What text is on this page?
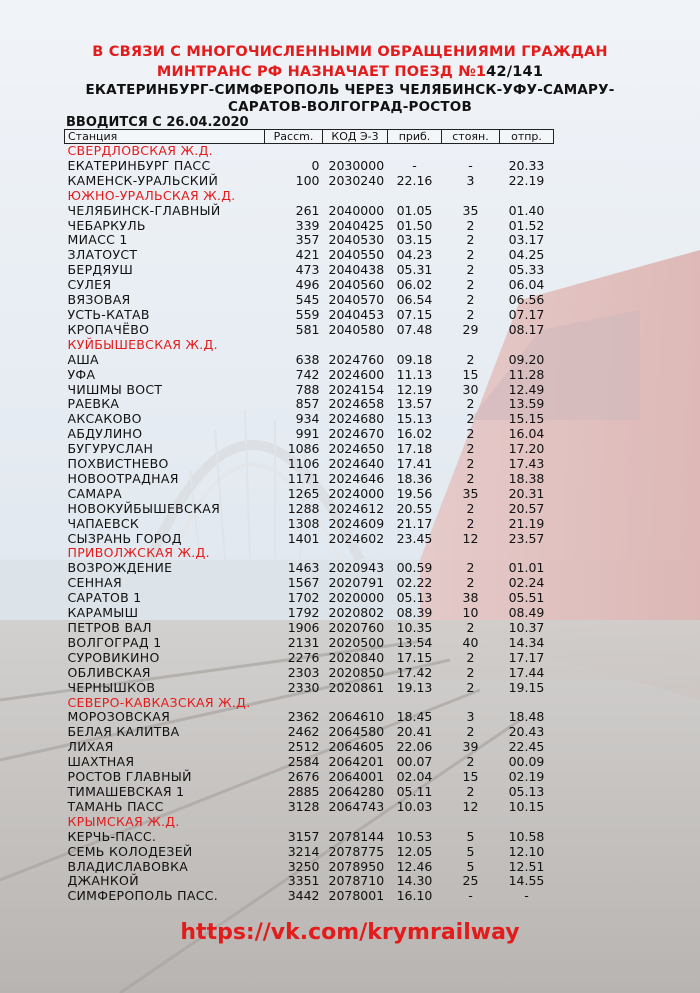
В СВЯЗИ С МНОГОЧИСЛЕННЫМИ ОБРАЩЕНИЯМИ ГРАЖДАН
МИНТРАНС РФ НАЗНАЧАЕТ ПОЕЗД №142/141
ЕКАТЕРИНБУРГ-СИМФЕРОПОЛЬ ЧЕРЕЗ ЧЕЛЯБИНСК-УФУ-САМАРУ-
САРАТОВ-ВОЛГОГРАД-РОСТОВ
ВВОДИТСЯ С 26.04.2020
Станция	Рассm.	КОД Э-3	приб.	стоян.	отпр.
СВЕРДЛОВСКАЯ Ж.Д.					
ЕКАТЕРИНБУРГ ПАСС	0	2030000	-	-	20.33
КАМЕНСК-УРАЛЬСКИЙ	100	2030240	22.16	3	22.19
ЮЖНО-УРАЛЬСКАЯ Ж.Д.					
ЧЕЛЯБИНСК-ГЛАВНЫЙ	261	2040000	01.05	35	01.40
ЧЕБАРКУЛЬ	339	2040425	01.50	2	01.52
МИАСС 1	357	2040530	03.15	2	03.17
ЗЛАТОУСТ	421	2040550	04.23	2	04.25
БЕРДЯУШ	473	2040438	05.31	2	05.33
СУЛЕЯ	496	2040560	06.02	2	06.04
ВЯЗОВАЯ	545	2040570	06.54	2	06.56
УСТЬ-КАТАВ	559	2040453	07.15	2	07.17
КРОПАЧЁВО	581	2040580	07.48	29	08.17
КУЙБЫШЕВСКАЯ Ж.Д.					
АША	638	2024760	09.18	2	09.20
УФА	742	2024600	11.13	15	11.28
ЧИШМЫ ВОСТ	788	2024154	12.19	30	12.49
РАЕВКА	857	2024658	13.57	2	13.59
АКСАКОВО	934	2024680	15.13	2	15.15
АБДУЛИНО	991	2024670	16.02	2	16.04
БУГУРУСЛАН	1086	2024650	17.18	2	17.20
ПОХВИСТНЕВО	1106	2024640	17.41	2	17.43
НОВООТРАДНАЯ	1171	2024646	18.36	2	18.38
САМАРА	1265	2024000	19.56	35	20.31
НОВОКУЙБЫШЕВСКАЯ	1288	2024612	20.55	2	20.57
ЧАПАЕВСК	1308	2024609	21.17	2	21.19
СЫЗРАНЬ ГОРОД	1401	2024602	23.45	12	23.57
ПРИВОЛЖСКАЯ Ж.Д.					
ВОЗРОЖДЕНИЕ	1463	2020943	00.59	2	01.01
СЕННАЯ	1567	2020791	02.22	2	02.24
САРАТОВ 1	1702	2020000	05.13	38	05.51
КАРАМЫШ	1792	2020802	08.39	10	08.49
ПЕТРОВ ВАЛ	1906	2020760	10.35	2	10.37
ВОЛГОГРАД 1	2131	2020500	13.54	40	14.34
СУРОВИКИНО	2276	2020840	17.15	2	17.17
ОБЛИВСКАЯ	2303	2020850	17.42	2	17.44
ЧЕРНЫШКОВ	2330	2020861	19.13	2	19.15
СЕВЕРО-КАВКАЗСКАЯ Ж.Д.					
МОРОЗОВСКАЯ	2362	2064610	18.45	3	18.48
БЕЛАЯ КАЛИТВА	2462	2064580	20.41	2	20.43
ЛИХАЯ	2512	2064605	22.06	39	22.45
ШАХТНАЯ	2584	2064201	00.07	2	00.09
РОСТОВ ГЛАВНЫЙ	2676	2064001	02.04	15	02.19
ТИМАШЕВСКАЯ 1	2885	2064280	05.11	2	05.13
ТАМАНЬ ПАСС	3128	2064743	10.03	12	10.15
КРЫМСКАЯ Ж.Д.					
КЕРЧЬ-ПАСС.	3157	2078144	10.53	5	10.58
СЕМЬ КОЛОДЕЗЕЙ	3214	2078775	12.05	5	12.10
ВЛАДИСЛАВОВКА	3250	2078950	12.46	5	12.51
ДЖАНКОЙ	3351	2078710	14.30	25	14.55
СИМФЕРОПОЛЬ ПАСС.	3442	2078001	16.10	-	-
https://vk.com/krymrailway
